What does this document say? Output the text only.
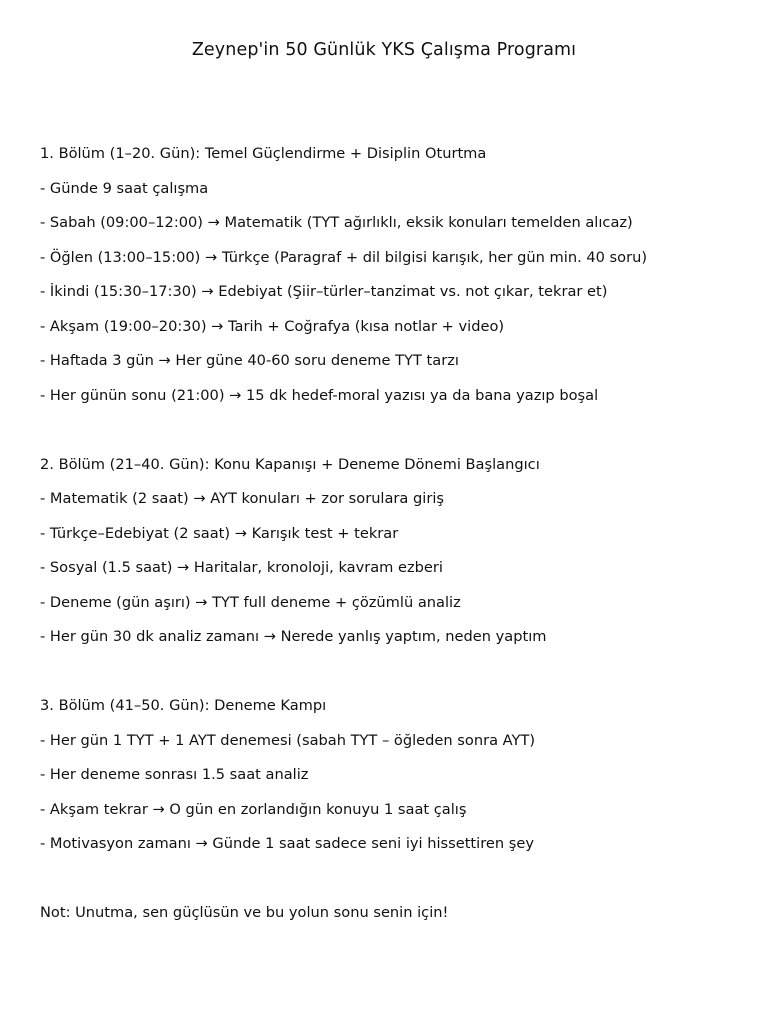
Zeynep'in 50 Günlük YKS Çalışma Programı
1. Bölüm (1–20. Gün): Temel Güçlendirme + Disiplin Oturtma
- Günde 9 saat çalışma
- Sabah (09:00–12:00) → Matematik (TYT ağırlıklı, eksik konuları temelden alıcaz)
- Öğlen (13:00–15:00) → Türkçe (Paragraf + dil bilgisi karışık, her gün min. 40 soru)
- İkindi (15:30–17:30) → Edebiyat (Şiir–türler–tanzimat vs. not çıkar, tekrar et)
- Akşam (19:00–20:30) → Tarih + Coğrafya (kısa notlar + video)
- Haftada 3 gün → Her güne 40-60 soru deneme TYT tarzı
- Her günün sonu (21:00) → 15 dk hedef-moral yazısı ya da bana yazıp boşal
2. Bölüm (21–40. Gün): Konu Kapanışı + Deneme Dönemi Başlangıcı
- Matematik (2 saat) → AYT konuları + zor sorulara giriş
- Türkçe–Edebiyat (2 saat) → Karışık test + tekrar
- Sosyal (1.5 saat) → Haritalar, kronoloji, kavram ezberi
- Deneme (gün aşırı) → TYT full deneme + çözümlü analiz
- Her gün 30 dk analiz zamanı → Nerede yanlış yaptım, neden yaptım
3. Bölüm (41–50. Gün): Deneme Kampı
- Her gün 1 TYT + 1 AYT denemesi (sabah TYT – öğleden sonra AYT)
- Her deneme sonrası 1.5 saat analiz
- Akşam tekrar → O gün en zorlandığın konuyu 1 saat çalış
- Motivasyon zamanı → Günde 1 saat sadece seni iyi hissettiren şey
Not: Unutma, sen güçlüsün ve bu yolun sonu senin için!
